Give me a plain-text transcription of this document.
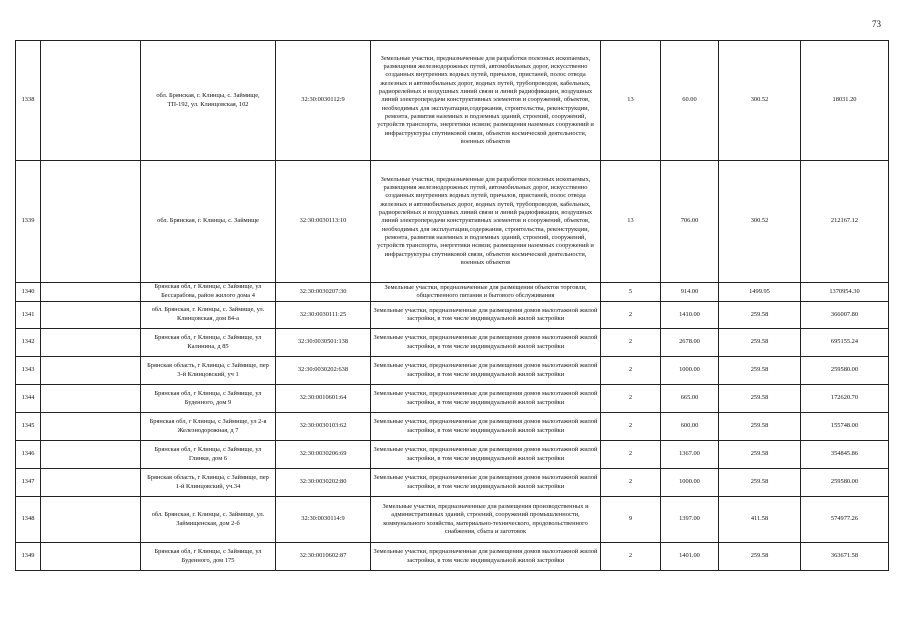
73
1338		обл. Брянская, г. Клинцы, с. Займище, ТП-192, ул. Клинцовская, 102	32:30:0030112:9	Земельные участки, предназначенные для разработки полезных ископаемых, размещения железнодорожных путей, автомобильных дорог, искусственно созданных внутренних водных путей, причалов, пристаней, полос отвода железных и автомобильных дорог, водных путей, трубопроводов, кабельных, радиорелейных и воздушных линий связи и линий радиофикации, воздушных линий электропередачи конструктивных элементов и сооружений, объектов, необходимых для эксплуатации,содержания, строительства, реконструкции, ремонта, развития наземных и подземных зданий, строений, сооружений, устройств транспорта, энергетики нсвязи; размещения наземных сооружений и инфраструктуры спутниковой связи, объектов космической деятельности, военных объектов	13	60.00	300.52	18031.20
1339		обл. Брянская, г. Клинцы, с. Займище	32:30:0030113:10	Земельные участки, предназначенные для разработки полезных ископаемых, размещения железнодорожных путей, автомобильных дорог, искусственно созданных внутренних водных путей, причалов, пристаней, полос отвода железных и автомобильных дорог, водных путей, трубопроводов, кабельных, радиорелейных и воздушных линий связи и линий радиофикации, воздушных линий электропередачи конструктивных элементов и сооружений, объектов, необходимых для эксплуатации,содержания, строительства, реконструкции, ремонта, развития наземных и подземных зданий, строений, сооружений, устройств транспорта, энергетики нсвязи; размещения наземных сооружений и инфраструктуры спутниковой связи, объектов космической деятельности, военных объектов	13	706.00	300.52	212167.12
1340		Брянская обл, г Клинцы, с Займище, ул Бессарабова, район жилого дома 4	32:30:0030207:30	Земельные участки, предназначенные для размещения объектов торговли, общественного питания и бытового обслуживания	5	914.00	1499.95	1370954.30
1341		обл. Брянская, г. Клинцы, с. Займище, ул. Клинцовская, дом 84-а	32:30:0030111:25	Земельные участки, предназначенные для размещения домов малоэтажной жилой застройки, в том числе индивидуальной жилой застройки	2	1410.00	259.58	366007.80
1342		Брянская обл, г Клинцы, с Займище, ул Калинина, д 85	32:30:0030501:138	Земельные участки, предназначенные для размещения домов малоэтажной жилой застройки, в том числе индивидуальной жилой застройки	2	2678.00	259.58	695155.24
1343		Брянская область, г Клинцы, с Займище, пер 3-й Клинцовский, уч 1	32:30:0030202:638	Земельные участки, предназначенные для размещения домов малоэтажной жилой застройки, в том числе индивидуальной жилой застройки	2	1000.00	259.58	259580.00
1344		Брянская обл, г Клинцы, с Займище, ул Буденного, дом 9	32:30:0010601:64	Земельные участки, предназначенные для размещения домов малоэтажной жилой застройки, в том числе индивидуальной жилой застройки	2	665.00	259.58	172620.70
1345		Брянская обл, г Клинцы, с Займище, ул 2-я Железнодорожная, д 7	32:30:0030103:62	Земельные участки, предназначенные для размещения домов малоэтажной жилой застройки, в том числе индивидуальной жилой застройки	2	600.00	259.58	155748.00
1346		Брянская обл, г Клинцы, с Займище, ул Глинки, дом 6	32:30:0030206:69	Земельные участки, предназначенные для размещения домов малоэтажной жилой застройки, в том числе индивидуальной жилой застройки	2	1367.00	259.58	354845.86
1347		Брянская область, г Клинцы, с Займище, пер 1-й Клинцовский, уч.34	32:30:0030202:80	Земельные участки, предназначенные для размещения домов малоэтажной жилой застройки, в том числе индивидуальной жилой застройки	2	1000.00	259.58	259580.00
1348		обл. Брянская, г. Клинцы, с. Займище, ул. Займищенская, дом 2-б	32:30:0030114:9	Земельные участки, предназначенные для размещения производственных и административных зданий, строений, сооружений промышленности, коммунального хозяйства, материально-технического, продовольственного снабжения, сбыта и заготовок	9	1397.00	411.58	574977.26
1349		Брянская обл, г Клинцы, с Займище, ул Буденного, дом 175	32:30:0010602:87	Земельные участки, предназначенные для размещения домов малоэтажной жилой застройки, в том числе индивидуальной жилой застройки	2	1401.00	259.58	363671.58
